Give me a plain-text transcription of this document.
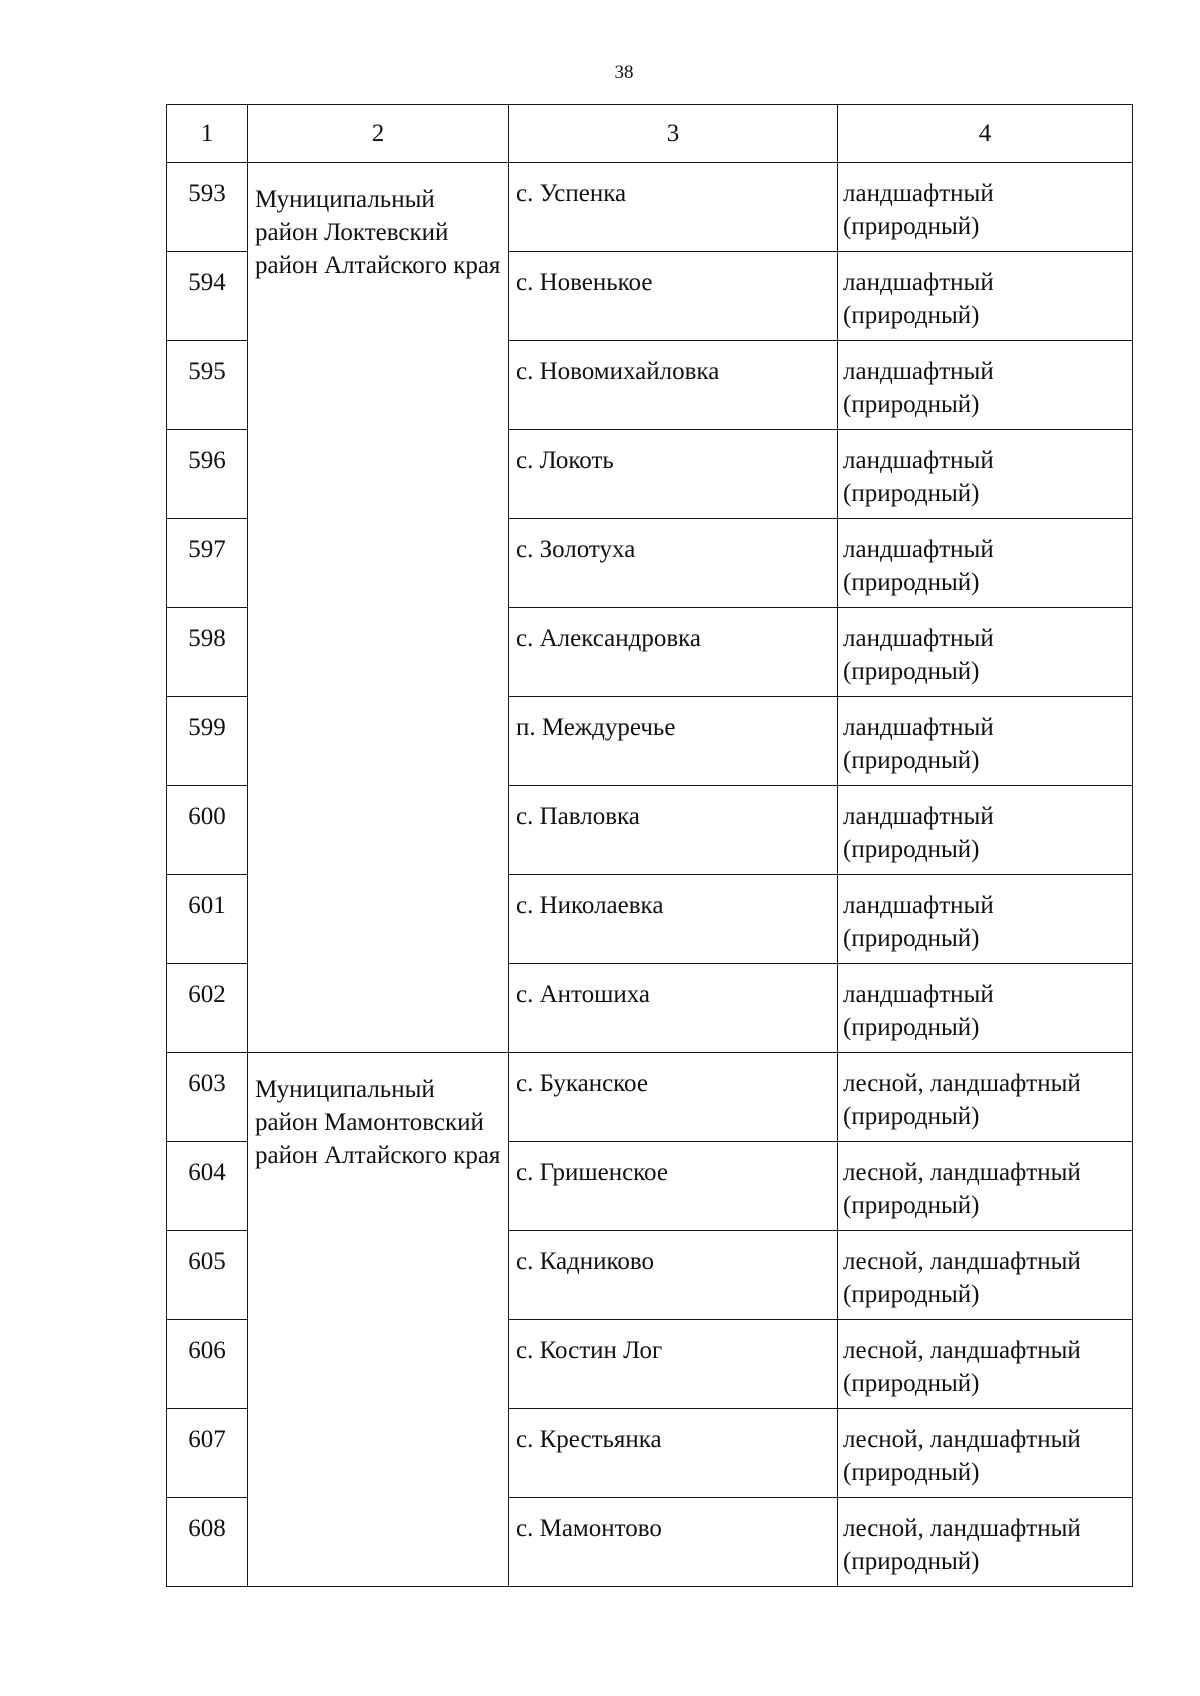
38
1	2	3	4
593	Муниципальный район Локтевский район Алтайского края	с. Успенка	ландшафтный (природный)
594		с. Новенькое	ландшафтный (природный)
595		с. Новомихайловка	ландшафтный (природный)
596		с. Локоть	ландшафтный (природный)
597		с. Золотуха	ландшафтный (природный)
598		с. Александровка	ландшафтный (природный)
599		п. Междуречье	ландшафтный (природный)
600		с. Павловка	ландшафтный (природный)
601		с. Николаевка	ландшафтный (природный)
602		с. Антошиха	ландшафтный (природный)
603	Муниципальный район Мамонтовский район Алтайского края	с. Буканское	лесной, ландшафтный (природный)
604		с. Гришенское	лесной, ландшафтный (природный)
605		с. Кадниково	лесной, ландшафтный (природный)
606		с. Костин Лог	лесной, ландшафтный (природный)
607		с. Крестьянка	лесной, ландшафтный (природный)
608		с. Мамонтово	лесной, ландшафтный (природный)
